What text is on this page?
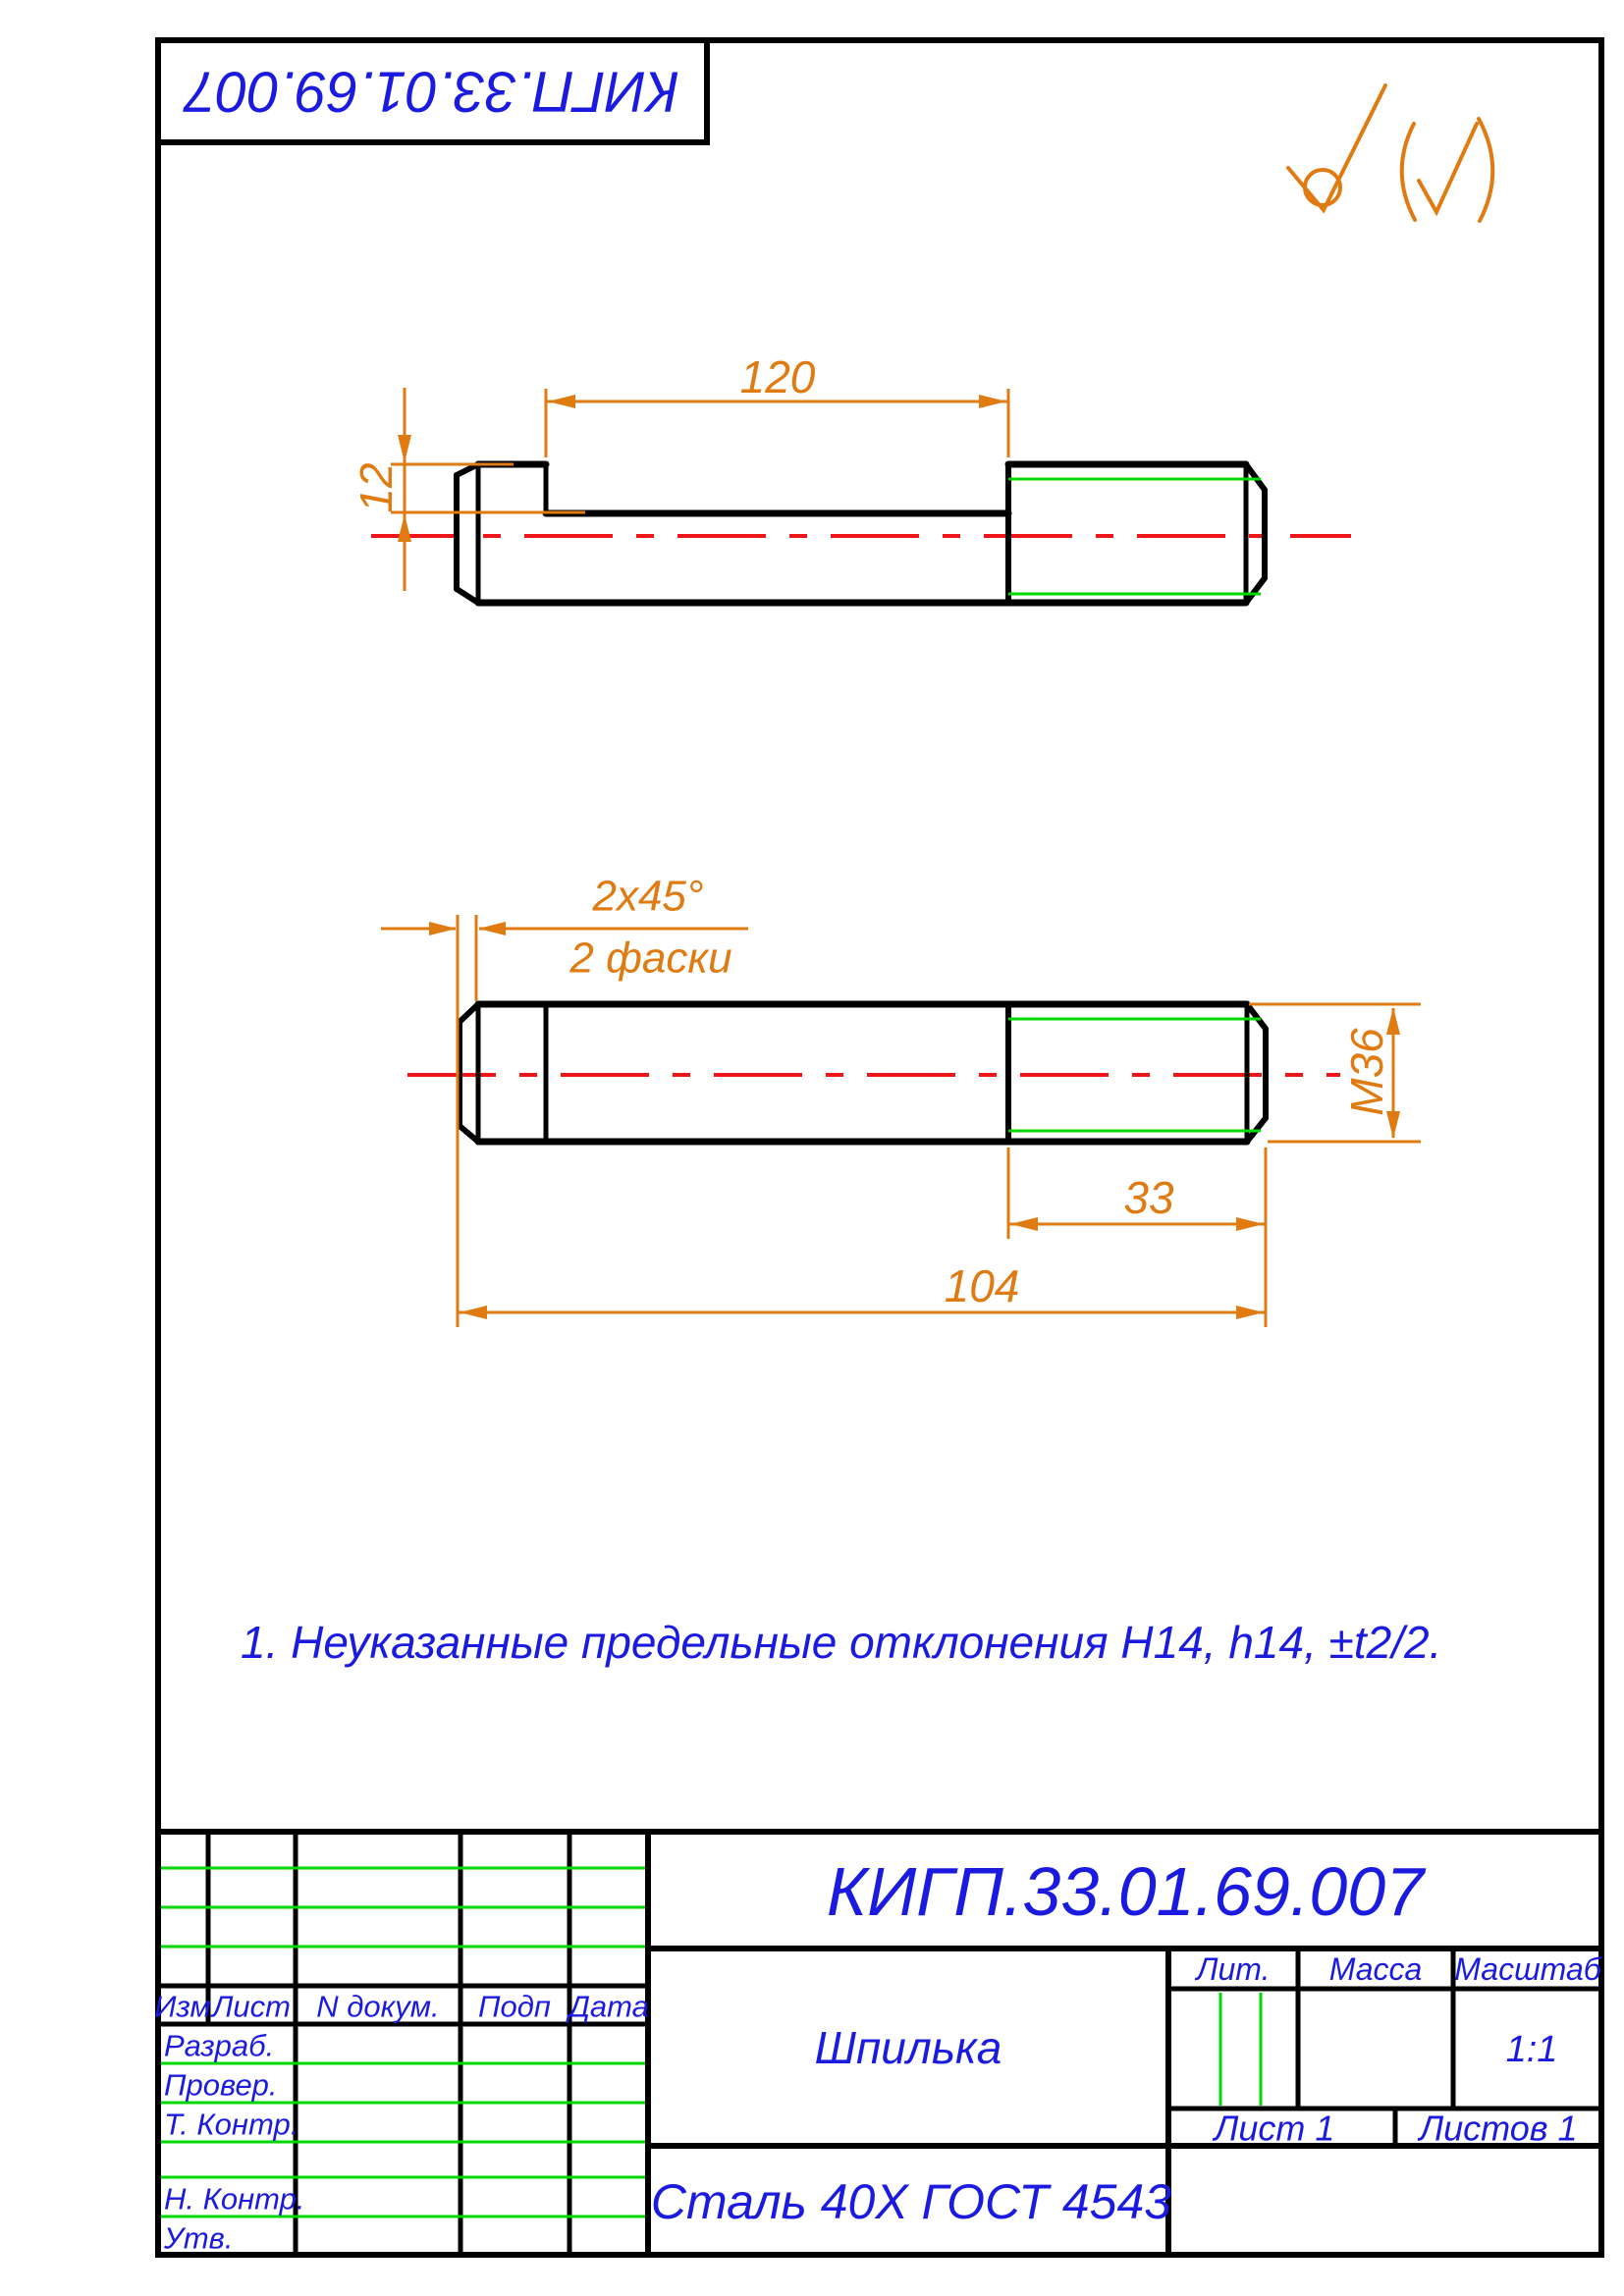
КИГП.33.01.69.007
120
12
2x45°
2 фаски
М36
33
104
1. Неуказанные предельные отклонения H14, h14, ±t2/2.
КИГП.33.01.69.007
Изм Лист N докум. Подп Дата
Разраб.
Провер.
Т. Контр.
Н. Контр.
Утв.
Шпилька
Сталь 40Х ГОСТ 4543
Лит. Масса Масштаб
1:1
Лист 1 Листов 1
